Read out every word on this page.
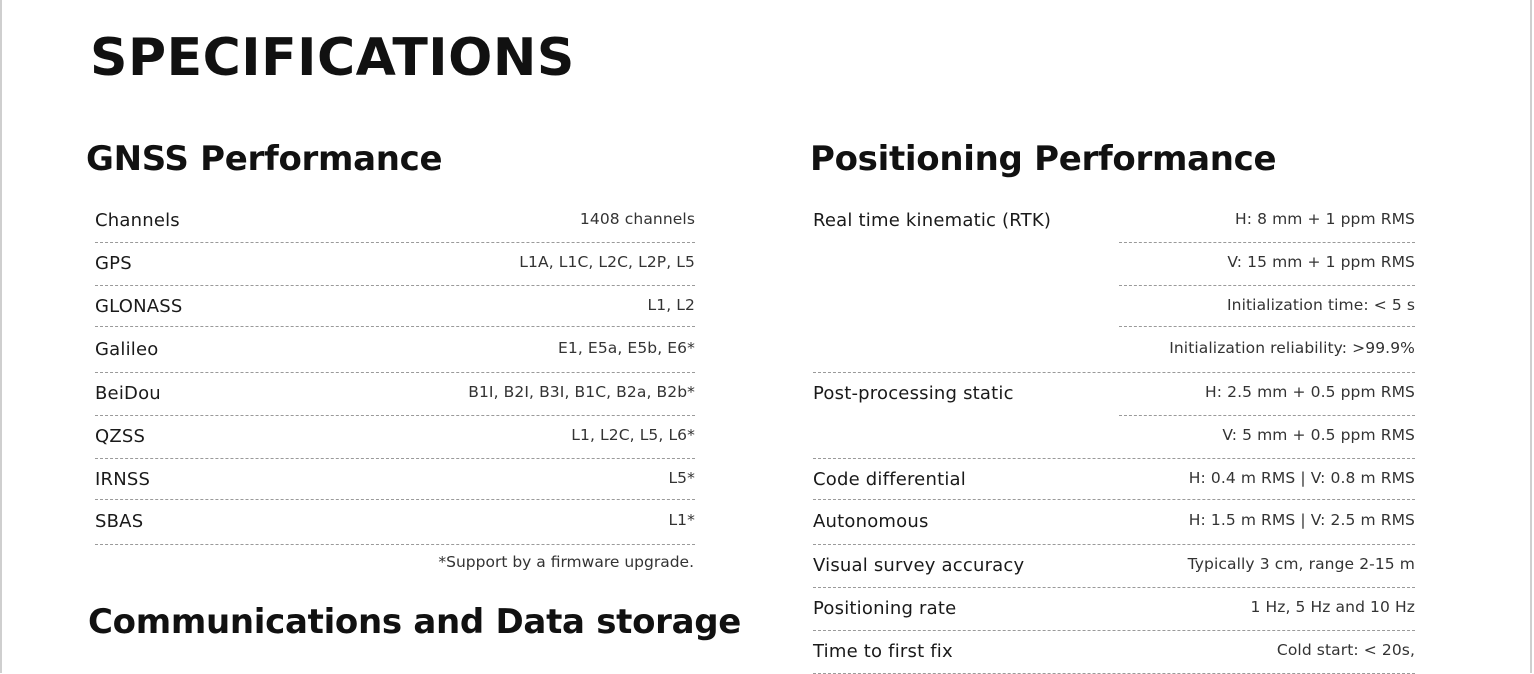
SPECIFICATIONS
GNSS Performance
Channels	1408 channels
GPS	L1A, L1C, L2C, L2P, L5
GLONASS	L1, L2
Galileo	E1, E5a, E5b, E6*
BeiDou	B1I, B2I, B3I, B1C, B2a, B2b*
QZSS	L1, L2C, L5, L6*
IRNSS	L5*
SBAS	L1*
*Support by a firmware upgrade.
Communications and Data storage
Positioning Performance
Real time kinematic (RTK)	H: 8 mm + 1 ppm RMS
V: 15 mm + 1 ppm RMS
Initialization time: < 5 s
Initialization reliability: >99.9%
Post-processing static	H: 2.5 mm + 0.5 ppm RMS
V: 5 mm + 0.5 ppm RMS
Code differential	H: 0.4 m RMS | V: 0.8 m RMS
Autonomous	H: 1.5 m RMS | V: 2.5 m RMS
Visual survey accuracy	Typically 3 cm, range 2-15 m
Positioning rate	1 Hz, 5 Hz and 10 Hz
Time to first fix	Cold start: < 20s,
